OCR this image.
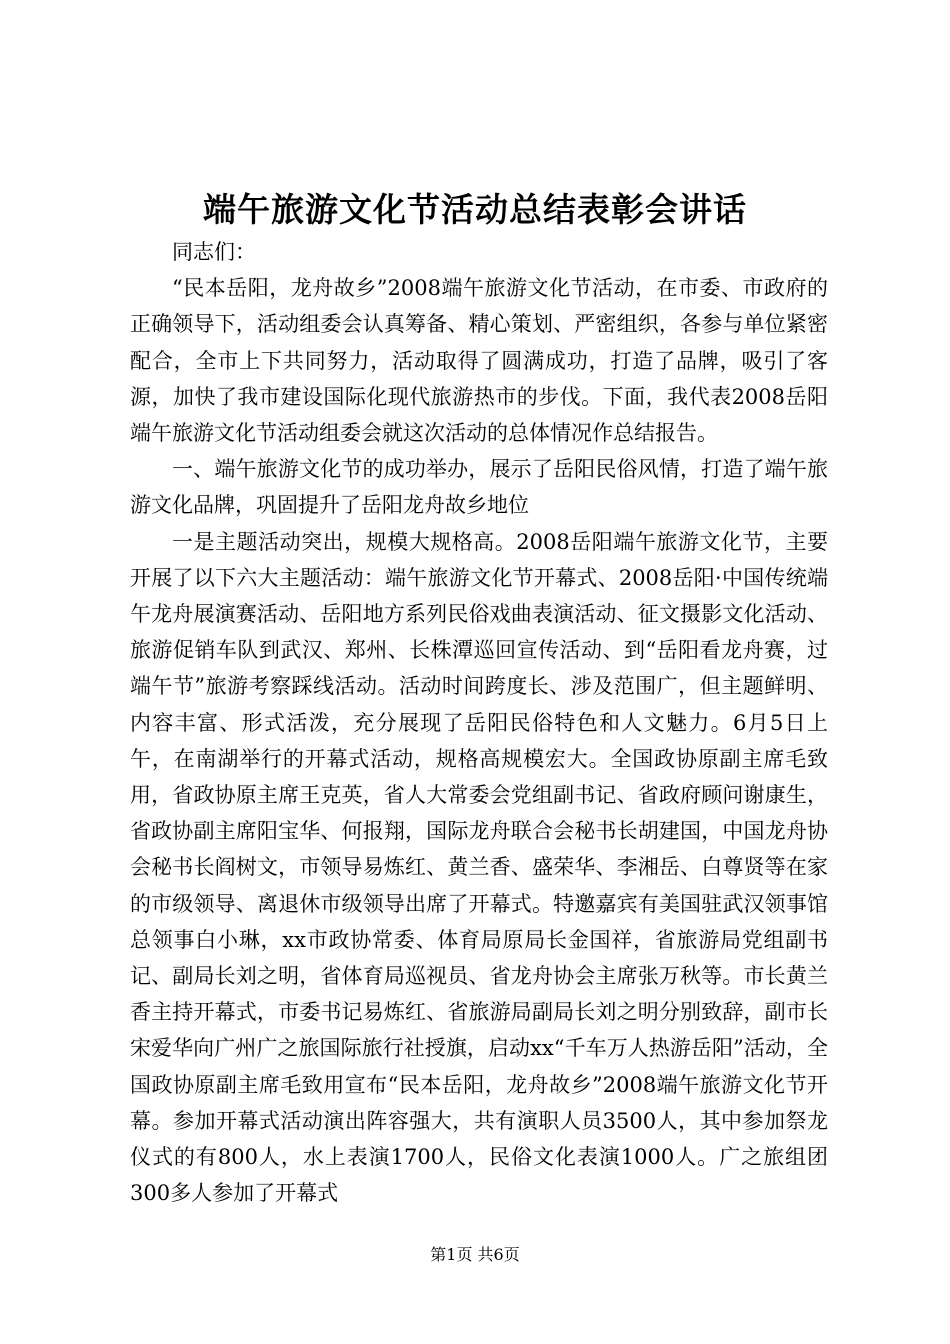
端午旅游文化节活动总结表彰会讲话

同志们：

“民本岳阳，龙舟故乡”2008端午旅游文化节活动，在市委、市政府的正确领导下，活动组委会认真筹备、精心策划、严密组织，各参与单位紧密配合，全市上下共同努力，活动取得了圆满成功，打造了品牌，吸引了客源，加快了我市建设国际化现代旅游热市的步伐。下面，我代表2008岳阳端午旅游文化节活动组委会就这次活动的总体情况作总结报告。

一、端午旅游文化节的成功举办，展示了岳阳民俗风情，打造了端午旅游文化品牌，巩固提升了岳阳龙舟故乡地位

一是主题活动突出，规模大规格高。2008岳阳端午旅游文化节，主要开展了以下六大主题活动：端午旅游文化节开幕式、2008岳阳·中国传统端午龙舟展演赛活动、岳阳地方系列民俗戏曲表演活动、征文摄影文化活动、旅游促销车队到武汉、郑州、长株潭巡回宣传活动、到“岳阳看龙舟赛，过端午节”旅游考察踩线活动。活动时间跨度长、涉及范围广，但主题鲜明、内容丰富、形式活泼，充分展现了岳阳民俗特色和人文魅力。6月5日上午，在南湖举行的开幕式活动，规格高规模宏大。全国政协原副主席毛致用，省政协原主席王克英，省人大常委会党组副书记、省政府顾问谢康生，省政协副主席阳宝华、何报翔，国际龙舟联合会秘书长胡建国，中国龙舟协会秘书长阎树文，市领导易炼红、黄兰香、盛荣华、李湘岳、白尊贤等在家的市级领导、离退休市级领导出席了开幕式。特邀嘉宾有美国驻武汉领事馆总领事白小琳，xx市政协常委、体育局原局长金国祥，省旅游局党组副书记、副局长刘之明，省体育局巡视员、省龙舟协会主席张万秋等。市长黄兰香主持开幕式，市委书记易炼红、省旅游局副局长刘之明分别致辞，副市长宋爱华向广州广之旅国际旅行社授旗，启动xx“千车万人热游岳阳”活动，全国政协原副主席毛致用宣布“民本岳阳，龙舟故乡”2008端午旅游文化节开幕。参加开幕式活动演出阵容强大，共有演职人员3500人，其中参加祭龙仪式的有800人，水上表演1700人，民俗文化表演1000人。广之旅组团300多人参加了开幕式

第1页 共6页
